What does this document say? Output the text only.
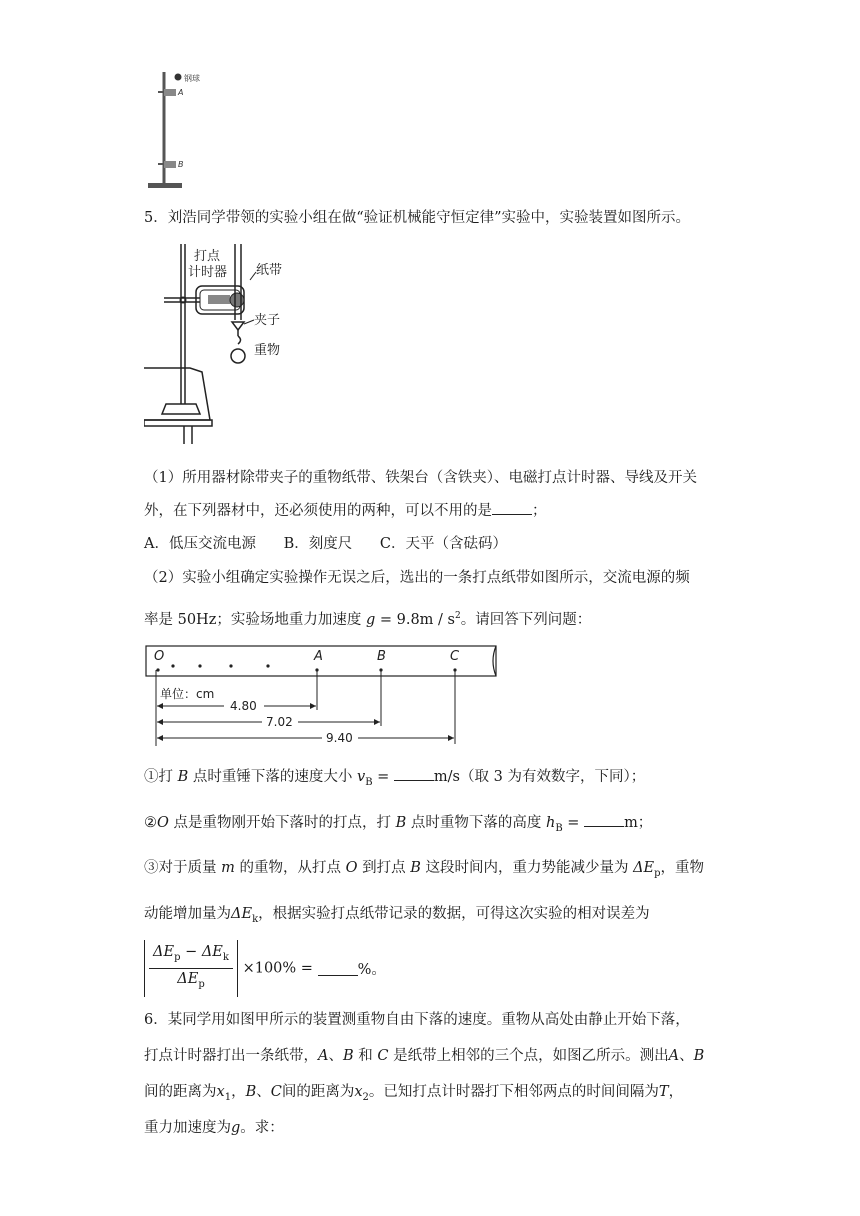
钢球
A
B
5．刘浩同学带领的实验小组在做“验证机械能守恒定律”实验中，实验装置如图所示。
打点
计时器 纸带
夹子
重物
（1）所用器材除带夹子的重物纸带、铁架台（含铁夹）、电磁打点计时器、导线及开关
外，在下列器材中，还必须使用的两种，可以不用的是	；
A．低压交流电源      B．刻度尺      C．天平（含砝码）
（2）实验小组确定实验操作无误之后，选出的一条打点纸带如图所示，交流电源的频
率是 50Hz；实验场地重力加速度 $g = 9.8m / s^2$。请回答下列问题：
O	A	B	C
单位：cm
4.80
7.02
9.40
①打 B 点时重锤下落的速度大小 $v_B$ =	m/s（取 3 为有效数字，下同）；
②O 点是重物刚开始下落时的打点，打 B 点时重物下落的高度 $h_B$ =	m；
③对于质量 m 的重物，从打点 O 到打点 B 这段时间内，重力势能减少量为 $\Delta E_p$，重物
动能增加量为$\Delta E_k$，根据实验打点纸带记录的数据，可得这次实验的相对误差为
$\frac{\Delta E_p - \Delta E_k}{\Delta E_p} \times 100\%$ =	%。
6．某同学用如图甲所示的装置测重物自由下落的速度。重物从高处由静止开始下落，
打点计时器打出一条纸带，A、B 和 C 是纸带上相邻的三个点，如图乙所示。测出A、B
间的距离为$x_1$，B、C间的距离为$x_2$。已知打点计时器打下相邻两点的时间间隔为T，
重力加速度为g。求：
